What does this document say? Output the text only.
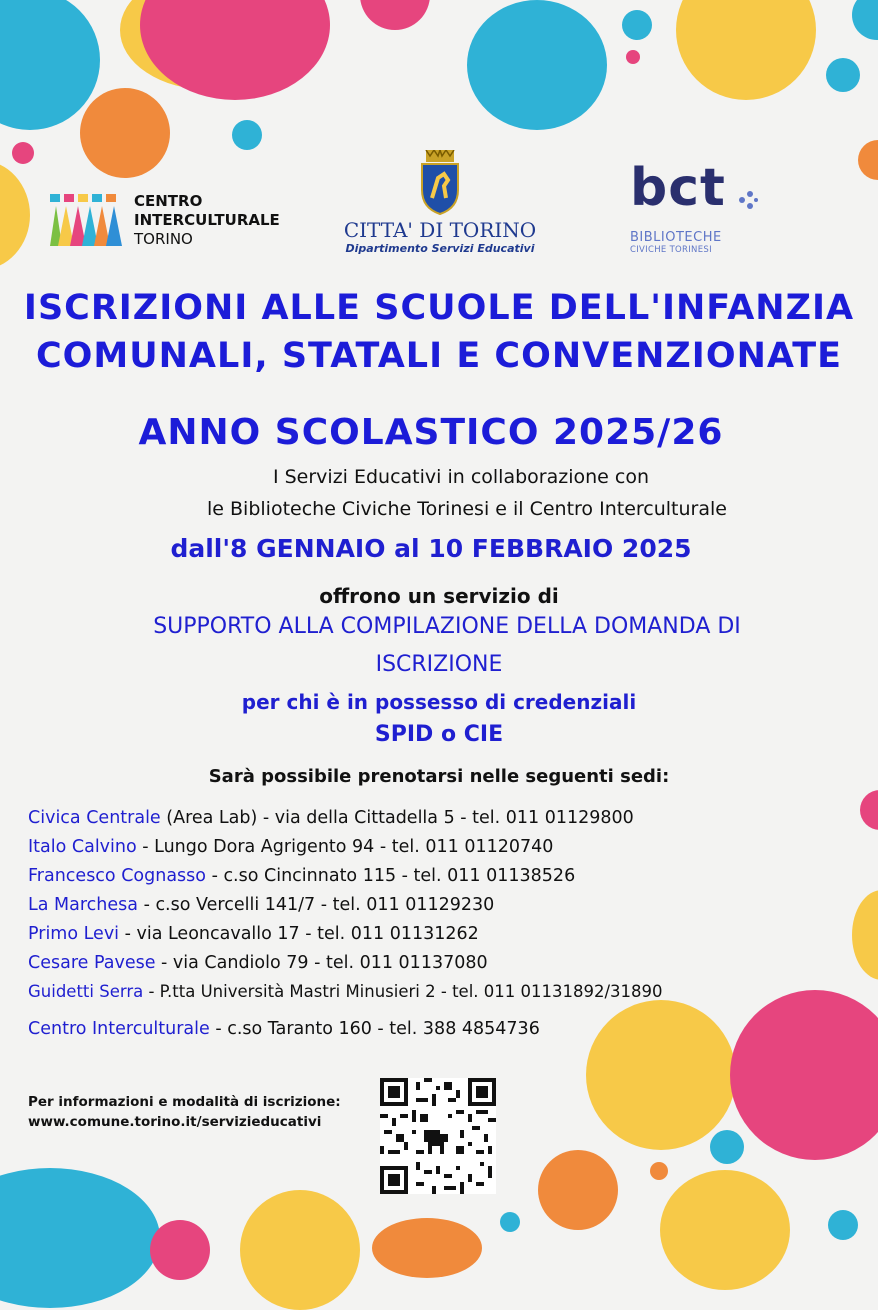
CENTRO
INTERCULTURALE
TORINO	CITTA' DI TORINO
Dipartimento Servizi Educativi
bct
BIBLIOTECHE
CIVICHE TORINESI
ISCRIZIONI ALLE SCUOLE DELL'INFANZIA
COMUNALI, STATALI E CONVENZIONATE
ANNO SCOLASTICO 2025/26
I Servizi Educativi in collaborazione con
le Biblioteche Civiche Torinesi e il Centro Interculturale
dall'8 GENNAIO al 10 FEBBRAIO 2025
offrono un servizio di
SUPPORTO ALLA COMPILAZIONE DELLA DOMANDA DI
ISCRIZIONE
per chi è in possesso di credenziali
SPID o CIE
Sarà possibile prenotarsi nelle seguenti sedi:
Civica Centrale (Area Lab) - via della Cittadella 5 - tel. 011 01129800
Italo Calvino - Lungo Dora Agrigento 94 - tel. 011 01120740
Francesco Cognasso - c.so Cincinnato 115 - tel. 011 01138526
La Marchesa - c.so Vercelli 141/7 - tel. 011 01129230
Primo Levi - via Leoncavallo 17 - tel. 011 01131262
Cesare Pavese - via Candiolo 79 - tel. 011 01137080
Guidetti Serra - P.tta Università Mastri Minusieri 2 - tel. 011 01131892/31890
Centro Interculturale - c.so Taranto 160 - tel. 388 4854736
Per informazioni e modalità di iscrizione:
www.comune.torino.it/servizieducativi
